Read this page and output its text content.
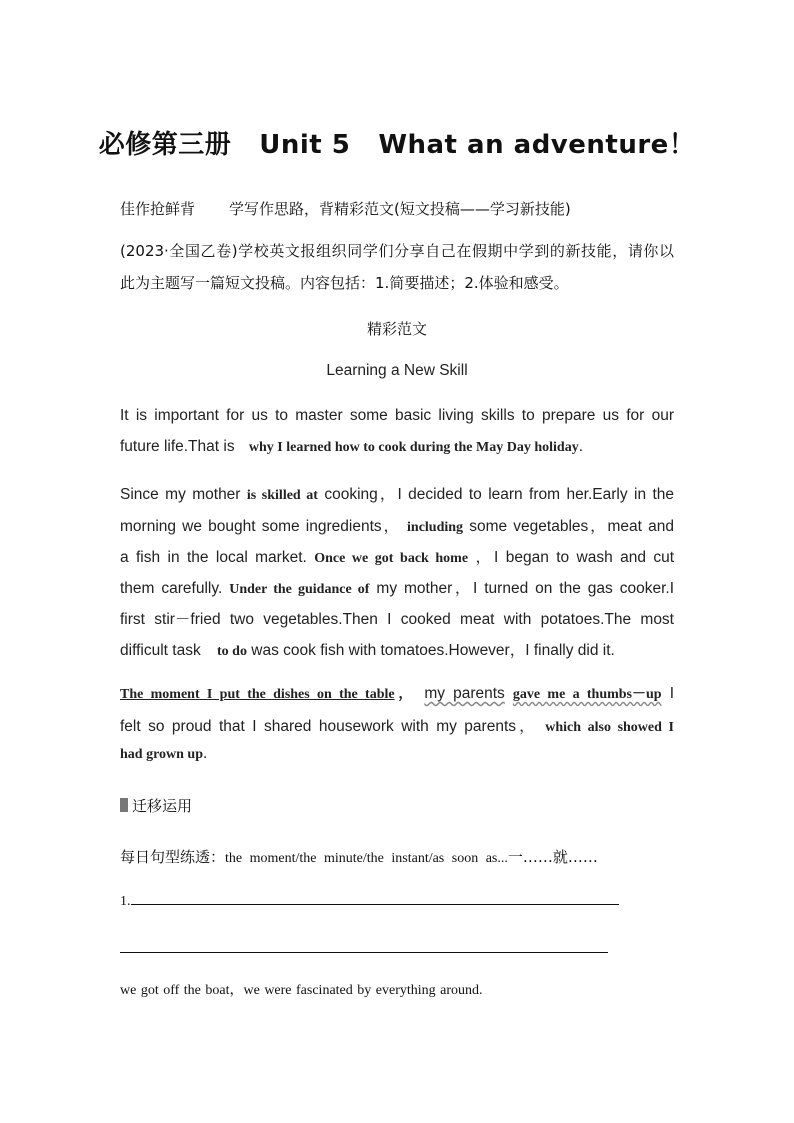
必修第三册 Unit 5 What an adventure！
佳作抢鲜背 学写作思路，背精彩范文(短文投稿——学习新技能)
(2023·全国乙卷)学校英文报组织同学们分享自己在假期中学到的新技能，请你以
此为主题写一篇短文投稿。内容包括：1.简要描述；2.体验和感受。
精彩范文
Learning a New Skill
It is important for us to master some basic living skills to prepare us for our
future life.That is why I learned how to cook during the May Day holiday.
Since my mother is skilled at cooking，I decided to learn from her.Early in the
morning we bought some ingredients， including some vegetables，meat and
a fish in the local market. Once we got back home ，I began to wash and cut
them carefully. Under the guidance of my mother，I turned on the gas cooker.I
first stir－fried two vegetables.Then I cooked meat with potatoes.The most
difficult task to do was cook fish with tomatoes.However，I finally did it.
The moment I put the dishes on the table， my parents gave me a thumbs－up I
felt so proud that I shared housework with my parents， which also showed I
had grown up.
迁移运用
每日句型练透：the moment/the minute/the instant/as soon as...一……就……
1.
we got off the boat，we were fascinated by everything around.
